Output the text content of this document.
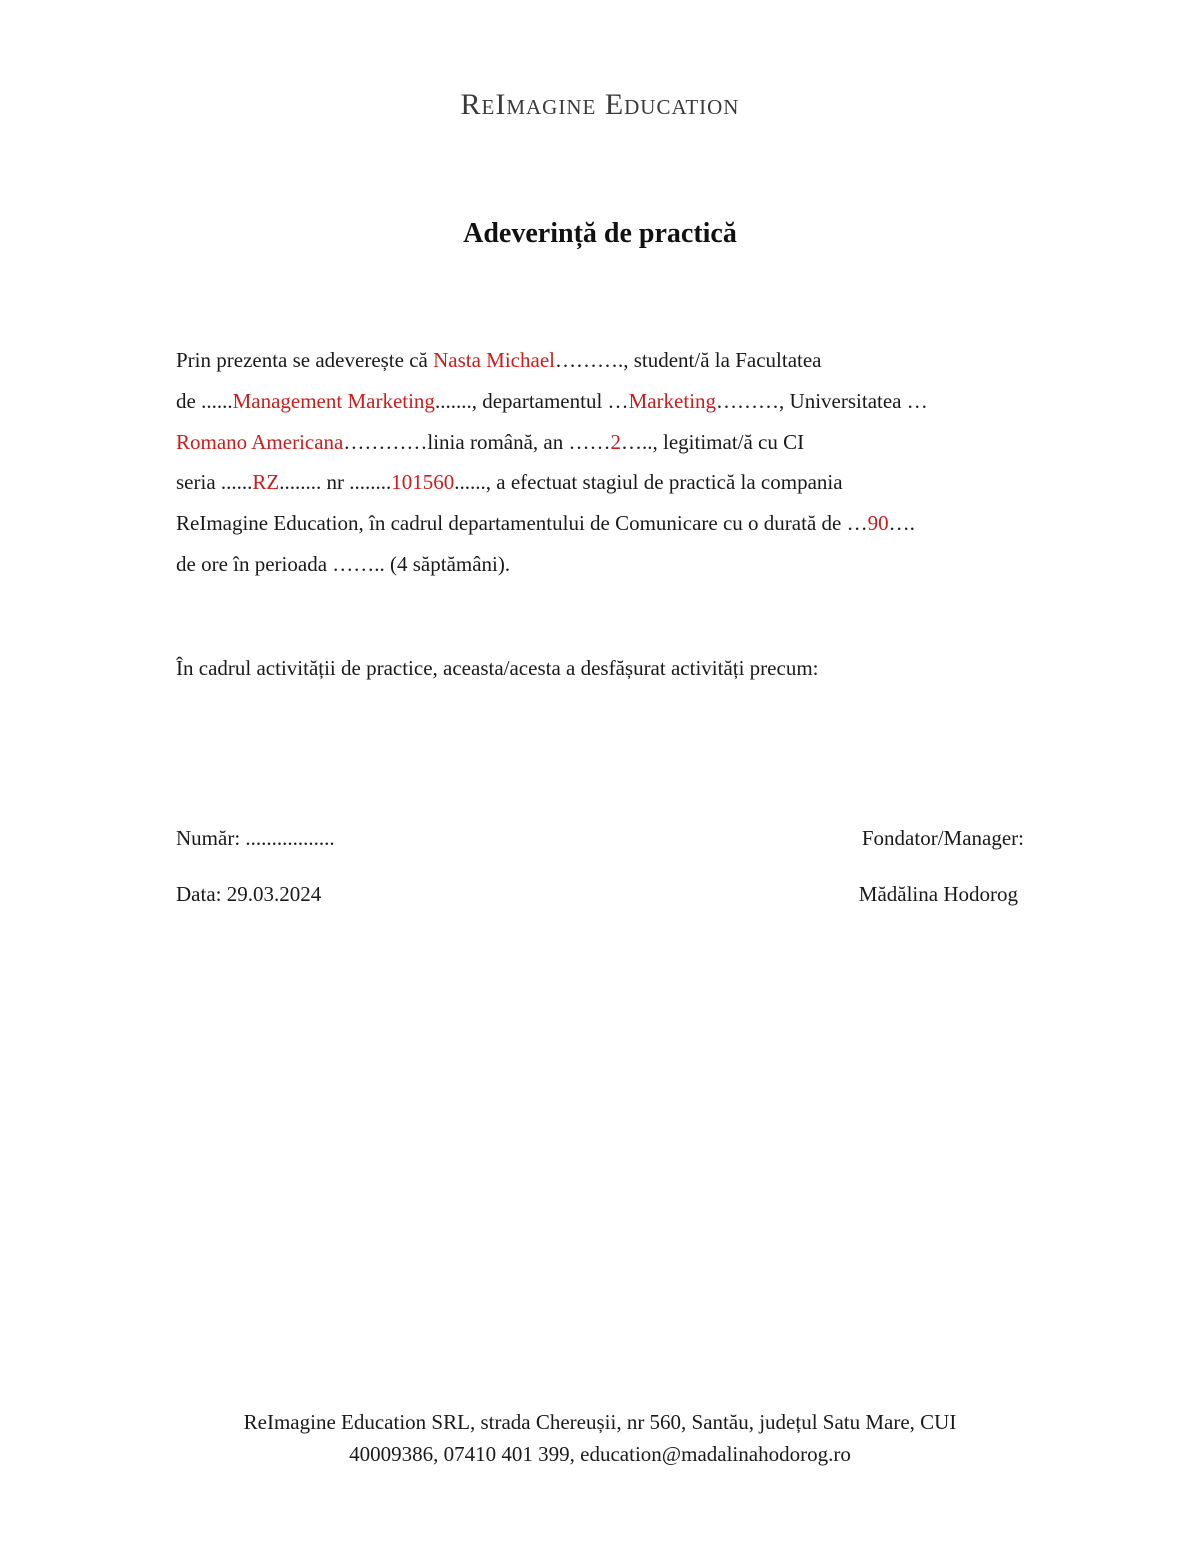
ReImagine Education
Adeverință de practică
Prin prezenta se adeverește că Nasta Michael………., student/ă la Facultatea
de ......Management Marketing......., departamentul …Marketing………, Universitatea …
Romano Americana…………linia română, an ……2….., legitimat/ă cu CI
seria ......RZ........ nr ........101560......, a efectuat stagiul de practică la compania
ReImagine Education, în cadrul departamentului de Comunicare cu o durată de …90….
de ore în perioada …….. (4 săptămâni).
În cadrul activității de practice, aceasta/acesta a desfășurat activități precum:
Număr: .................	Fondator/Manager:
Data: 29.03.2024	Mădălina Hodorog
ReImagine Education SRL, strada Chereușii, nr 560, Santău, județul Satu Mare, CUI
40009386, 07410 401 399, education@madalinahodorog.ro
